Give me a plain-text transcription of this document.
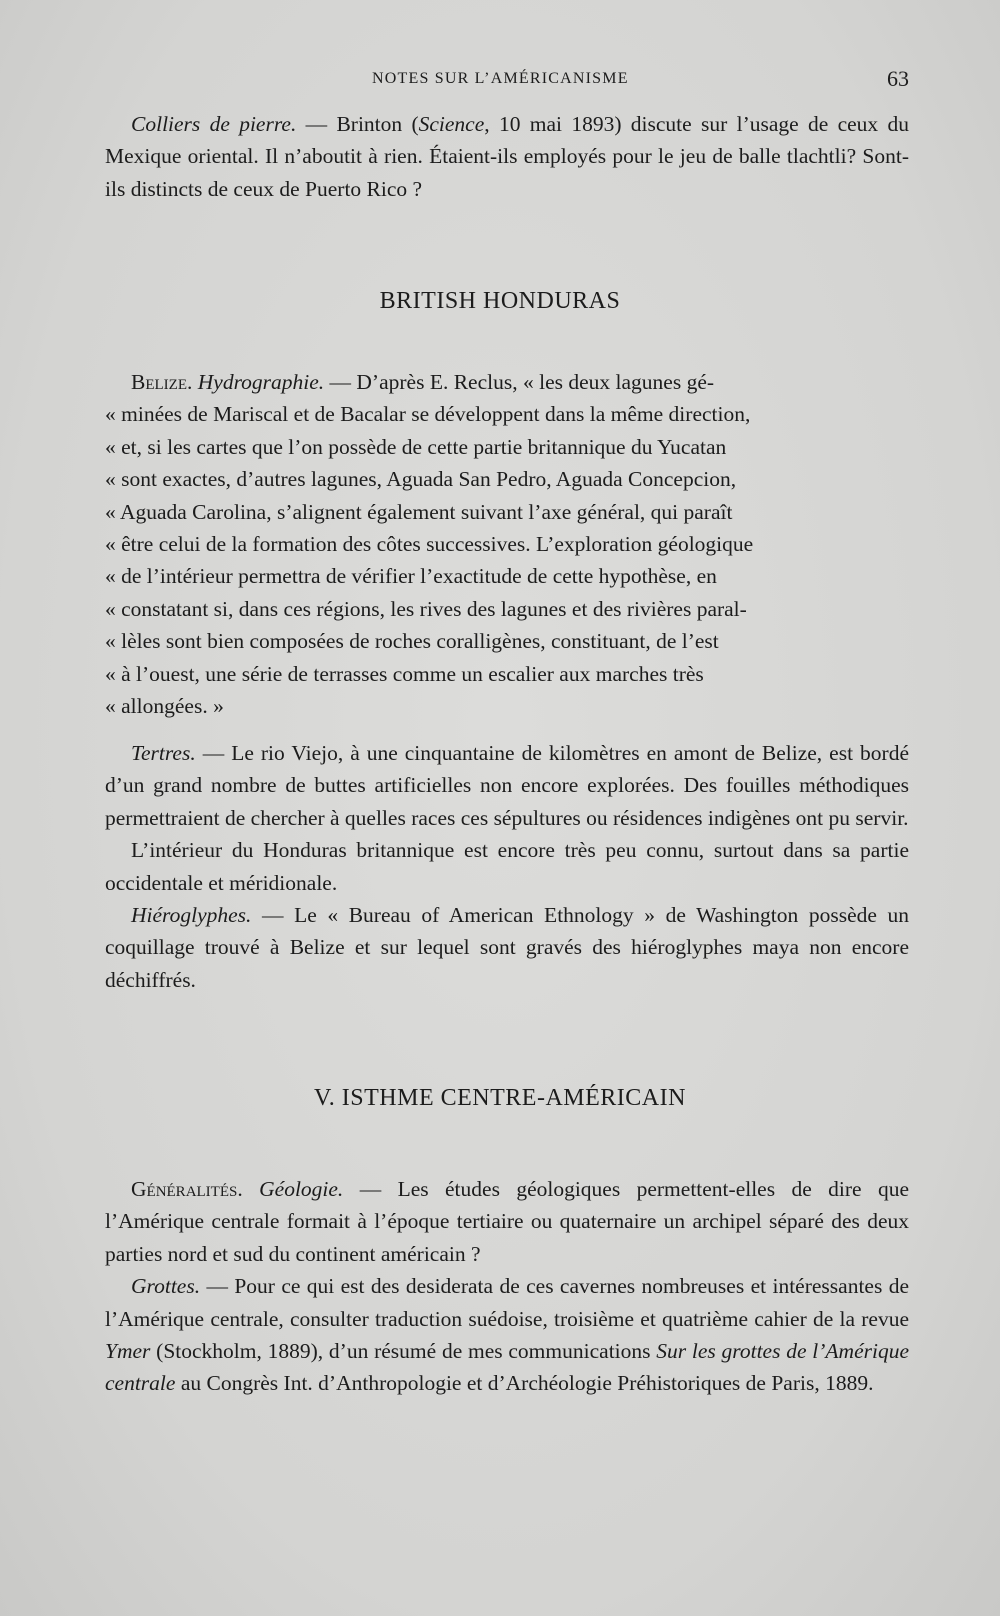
NOTES SUR L’AMÉRICANISME	63

Colliers de pierre. — Brinton (Science, 10 mai 1893) discute sur l’usage de ceux du Mexique oriental. Il n’aboutit à rien. Étaient-ils employés pour le jeu de balle tlachtli? Sont-ils distincts de ceux de Puerto Rico ?

BRITISH HONDURAS

Belize. Hydrographie. — D’après E. Reclus, « les deux lagunes gé-

« minées de Mariscal et de Bacalar se développent dans la même direction,
« et, si les cartes que l’on possède de cette partie britannique du Yucatan
« sont exactes, d’autres lagunes, Aguada San Pedro, Aguada Concepcion,
« Aguada Carolina, s’alignent également suivant l’axe général, qui paraît
« être celui de la formation des côtes successives. L’exploration géologique
« de l’intérieur permettra de vérifier l’exactitude de cette hypothèse, en
« constatant si, dans ces régions, les rives des lagunes et des rivières paral-
« lèles sont bien composées de roches coralligènes, constituant, de l’est
« à l’ouest, une série de terrasses comme un escalier aux marches très
« allongées. »

Tertres. — Le rio Viejo, à une cinquantaine de kilomètres en amont de Belize, est bordé d’un grand nombre de buttes artificielles non encore explorées. Des fouilles méthodiques permettraient de chercher à quelles races ces sépultures ou résidences indigènes ont pu servir.

L’intérieur du Honduras britannique est encore très peu connu, surtout dans sa partie occidentale et méridionale.

Hiéroglyphes. — Le « Bureau of American Ethnology » de Washington possède un coquillage trouvé à Belize et sur lequel sont gravés des hiéroglyphes maya non encore déchiffrés.

V. ISTHME CENTRE-AMÉRICAIN

Généralités. Géologie. — Les études géologiques permettent-elles de dire que l’Amérique centrale formait à l’époque tertiaire ou quaternaire un archipel séparé des deux parties nord et sud du continent américain ?

Grottes. — Pour ce qui est des desiderata de ces cavernes nombreuses et intéressantes de l’Amérique centrale, consulter traduction suédoise, troisième et quatrième cahier de la revue Ymer (Stockholm, 1889), d’un résumé de mes communications Sur les grottes de l’Amérique centrale au Congrès Int. d’Anthropologie et d’Archéologie Préhistoriques de Paris, 1889.
